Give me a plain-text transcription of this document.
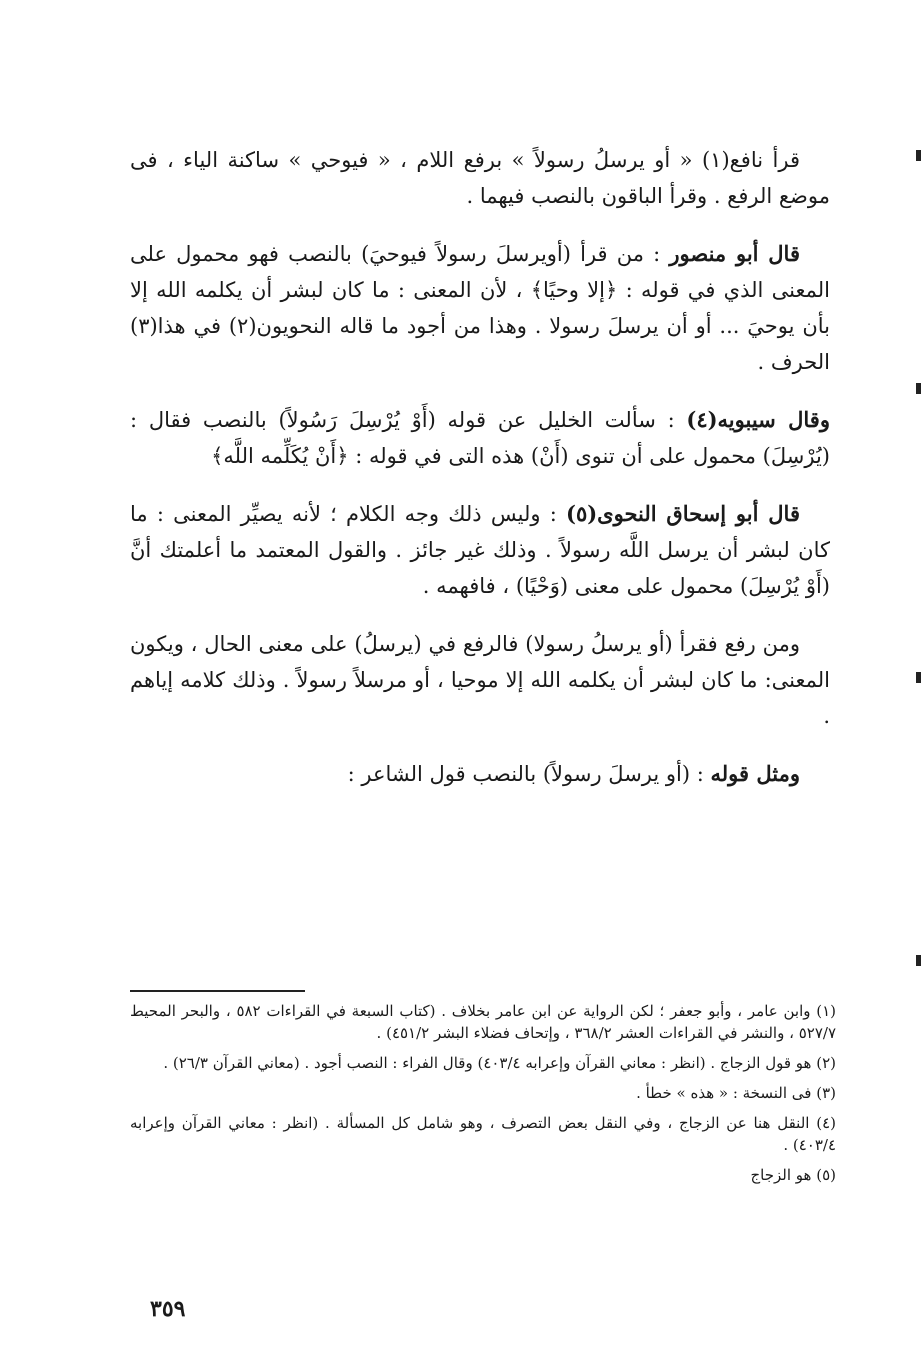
قرأ نافع(١) « أو يرسلُ رسولاً » برفع اللام ، « فيوحي » ساكنة الياء ، فى موضع الرفع . وقرأ الباقون بالنصب فيهما .

قال أبو منصور : من قرأ (أويرسلَ رسولاً فيوحيَ) بالنصب فهو محمول على المعنى الذي في قوله : ﴿إلا وحيًا﴾ ، لأن المعنى : ما كان لبشر أن يكلمه الله إلا بأن يوحيَ ... أو أن يرسلَ رسولا . وهذا من أجود ما قاله النحويون(٢) في هذا(٣) الحرف .

وقال سيبويه(٤) : سألت الخليل عن قوله (أَوْ يُرْسِلَ رَسُولاً) بالنصب فقال : (يُرْسِلَ) محمول على أن تنوى (أَنْ) هذه التى في قوله : ﴿أَنْ يُكَلِّمه اللَّه﴾

قال أبو إسحاق النحوى(٥) : وليس ذلك وجه الكلام ؛ لأنه يصيِّر المعنى : ما كان لبشر أن يرسل اللَّه رسولاً . وذلك غير جائز . والقول المعتمد ما أعلمتك أنَّ (أَوْ يُرْسِلَ) محمول على معنى (وَحْيًا) ، فافهمه .

ومن رفع فقرأ (أو يرسلُ رسولا) فالرفع في (يرسلُ) على معنى الحال ، ويكون المعنى: ما كان لبشر أن يكلمه الله إلا موحيا ، أو مرسلاً رسولاً . وذلك كلامه إياهم .

ومثل قوله : (أو يرسلَ رسولاً) بالنصب قول الشاعر :

(١) وابن عامر ، وأبو جعفر ؛ لكن الرواية عن ابن عامر بخلاف . (كتاب السبعة في القراءات ٥٨٢ ، والبحر المحيط ٥٢٧/٧ ، والنشر في القراءات العشر ٣٦٨/٢ ، وإتحاف فضلاء البشر ٤٥١/٢) .

(٢) هو قول الزجاج . (انظر : معاني القرآن وإعرابه ٤٠٣/٤) وقال الفراء : النصب أجود . (معاني القرآن ٢٦/٣) .

(٣) فى النسخة : « هذه » خطأ .

(٤) النقل هنا عن الزجاج ، وفي النقل بعض التصرف ، وهو شامل كل المسألة . (انظر : معاني القرآن وإعرابه ٤٠٣/٤) .

(٥) هو الزجاج

٣٥٩
